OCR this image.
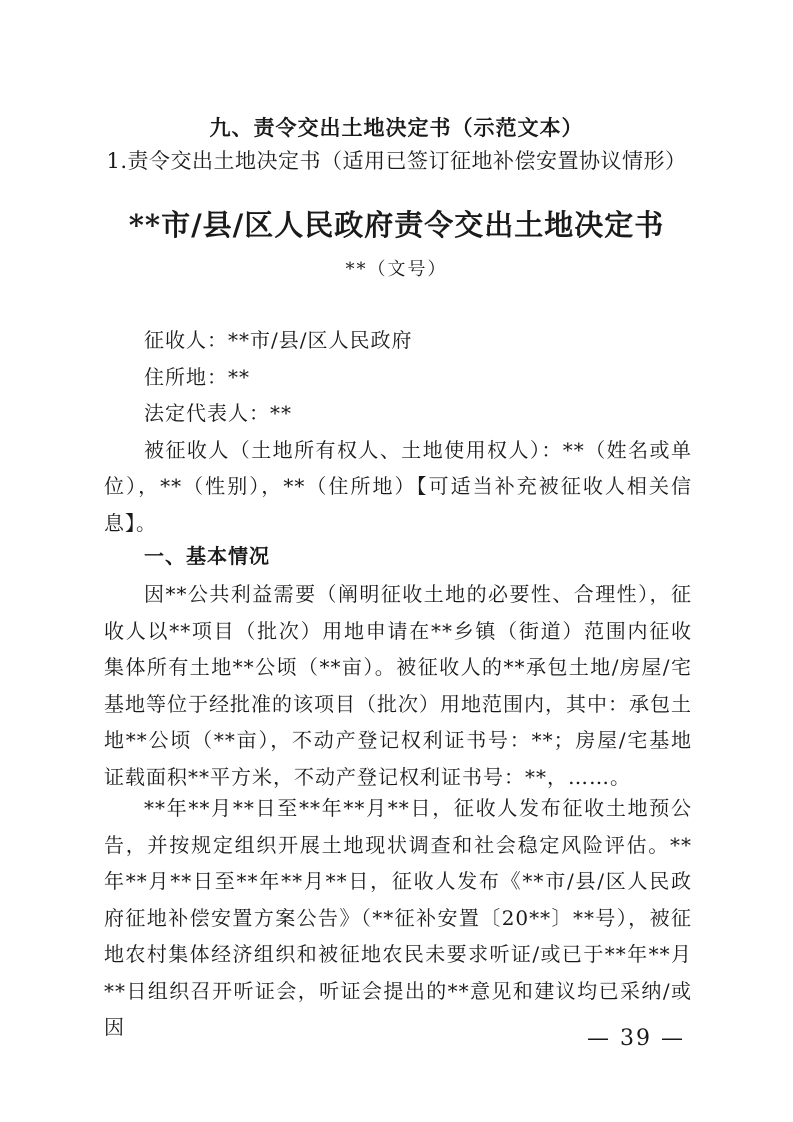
九、责令交出土地决定书（示范文本）
1.责令交出土地决定书（适用已签订征地补偿安置协议情形）
**市/县/区人民政府责令交出土地决定书
**（文号）

征收人：**市/县/区人民政府

住所地：**

法定代表人：**

被征收人（土地所有权人、土地使用权人）：**（姓名或单位），**（性别），**（住所地）【可适当补充被征收人相关信息】。

一、基本情况

因**公共利益需要（阐明征收土地的必要性、合理性），征收人以**项目（批次）用地申请在**乡镇（街道）范围内征收集体所有土地**公顷（**亩）。被征收人的**承包土地/房屋/宅基地等位于经批准的该项目（批次）用地范围内，其中：承包土地**公顷（**亩），不动产登记权利证书号：**；房屋/宅基地证载面积**平方米，不动产登记权利证书号：**，……。

**年**月**日至**年**月**日，征收人发布征收土地预公告，并按规定组织开展土地现状调查和社会稳定风险评估。**年**月**日至**年**月**日，征收人发布《**市/县/区人民政府征地补偿安置方案公告》（**征补安置〔20**〕**号），被征地农村集体经济组织和被征地农民未要求听证/或已于**年**月**日组织召开听证会，听证会提出的**意见和建议均已采纳/或因	— 39 —
